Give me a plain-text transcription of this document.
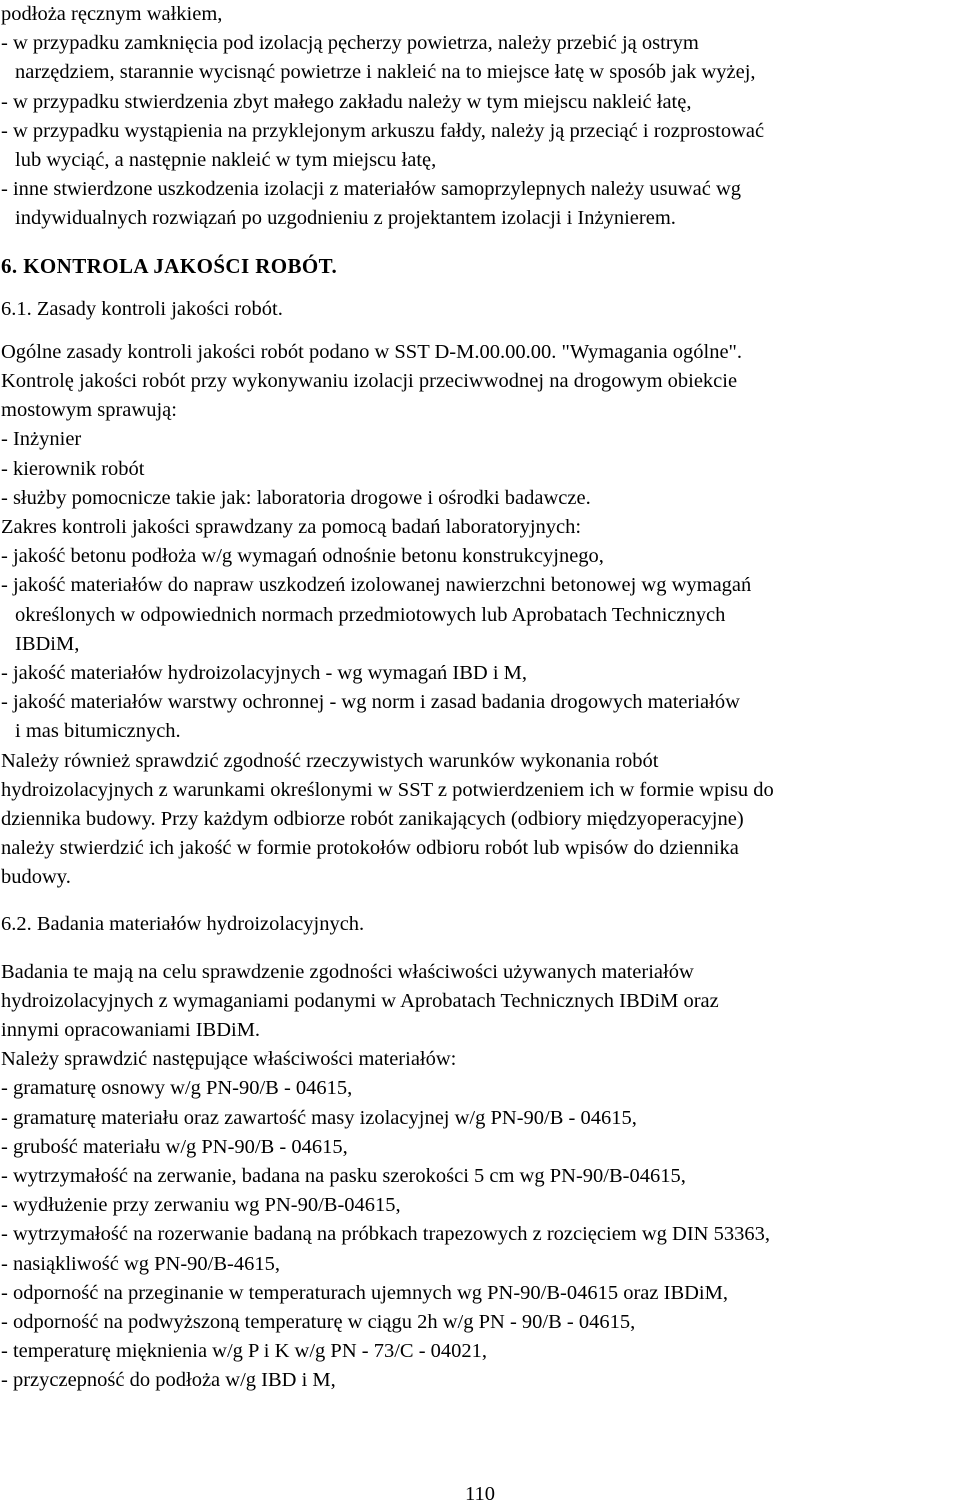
podłoża ręcznym wałkiem,
- w przypadku zamknięcia pod izolacją pęcherzy powietrza, należy przebić ją ostrym
narzędziem, starannie wycisnąć powietrze i nakleić na to miejsce łatę w sposób jak wyżej,
- w przypadku stwierdzenia zbyt małego zakładu należy w tym miejscu nakleić łatę,
- w przypadku wystąpienia na przyklejonym arkuszu fałdy, należy ją przeciąć i rozprostować
lub wyciąć, a następnie nakleić w tym miejscu łatę,
- inne stwierdzone uszkodzenia izolacji z materiałów samoprzylepnych należy usuwać wg
indywidualnych rozwiązań po uzgodnieniu z projektantem izolacji i Inżynierem.
6. KONTROLA JAKOŚCI ROBÓT.
6.1. Zasady kontroli jakości robót.
Ogólne zasady kontroli jakości robót podano w SST D-M.00.00.00. "Wymagania ogólne".
Kontrolę jakości robót przy wykonywaniu izolacji przeciwwodnej na drogowym obiekcie
mostowym sprawują:
- Inżynier
- kierownik robót
- służby pomocnicze takie jak: laboratoria drogowe i ośrodki badawcze.
Zakres kontroli jakości sprawdzany za pomocą badań laboratoryjnych:
- jakość betonu podłoża w/g wymagań odnośnie betonu konstrukcyjnego,
- jakość materiałów do napraw uszkodzeń izolowanej nawierzchni betonowej wg wymagań
określonych w odpowiednich normach przedmiotowych lub Aprobatach Technicznych
IBDiM,
- jakość materiałów hydroizolacyjnych - wg wymagań IBD i M,
- jakość materiałów warstwy ochronnej - wg norm i zasad badania drogowych materiałów
i mas bitumicznych.
Należy również sprawdzić zgodność rzeczywistych warunków wykonania robót
hydroizolacyjnych z warunkami określonymi w SST z potwierdzeniem ich w formie wpisu do
dziennika budowy. Przy każdym odbiorze robót zanikających (odbiory międzyoperacyjne)
należy stwierdzić ich jakość w formie protokołów odbioru robót lub wpisów do dziennika
budowy.
6.2. Badania materiałów hydroizolacyjnych.
Badania te mają na celu sprawdzenie zgodności właściwości używanych materiałów
hydroizolacyjnych z wymaganiami podanymi w Aprobatach Technicznych IBDiM oraz
innymi opracowaniami IBDiM.
Należy sprawdzić następujące właściwości materiałów:
- gramaturę osnowy w/g PN-90/B - 04615,
- gramaturę materiału oraz zawartość masy izolacyjnej w/g PN-90/B - 04615,
- grubość materiału w/g PN-90/B - 04615,
- wytrzymałość na zerwanie, badana na pasku szerokości 5 cm wg PN-90/B-04615,
- wydłużenie przy zerwaniu wg PN-90/B-04615,
- wytrzymałość na rozerwanie badaną na próbkach trapezowych z rozcięciem wg DIN 53363,
- nasiąkliwość wg PN-90/B-4615,
- odporność na przeginanie w temperaturach ujemnych wg PN-90/B-04615 oraz IBDiM,
- odporność na podwyższoną temperaturę w ciągu 2h w/g PN - 90/B - 04615,
- temperaturę mięknienia w/g P i K w/g PN - 73/C - 04021,
- przyczepność do podłoża w/g IBD i M,
110
